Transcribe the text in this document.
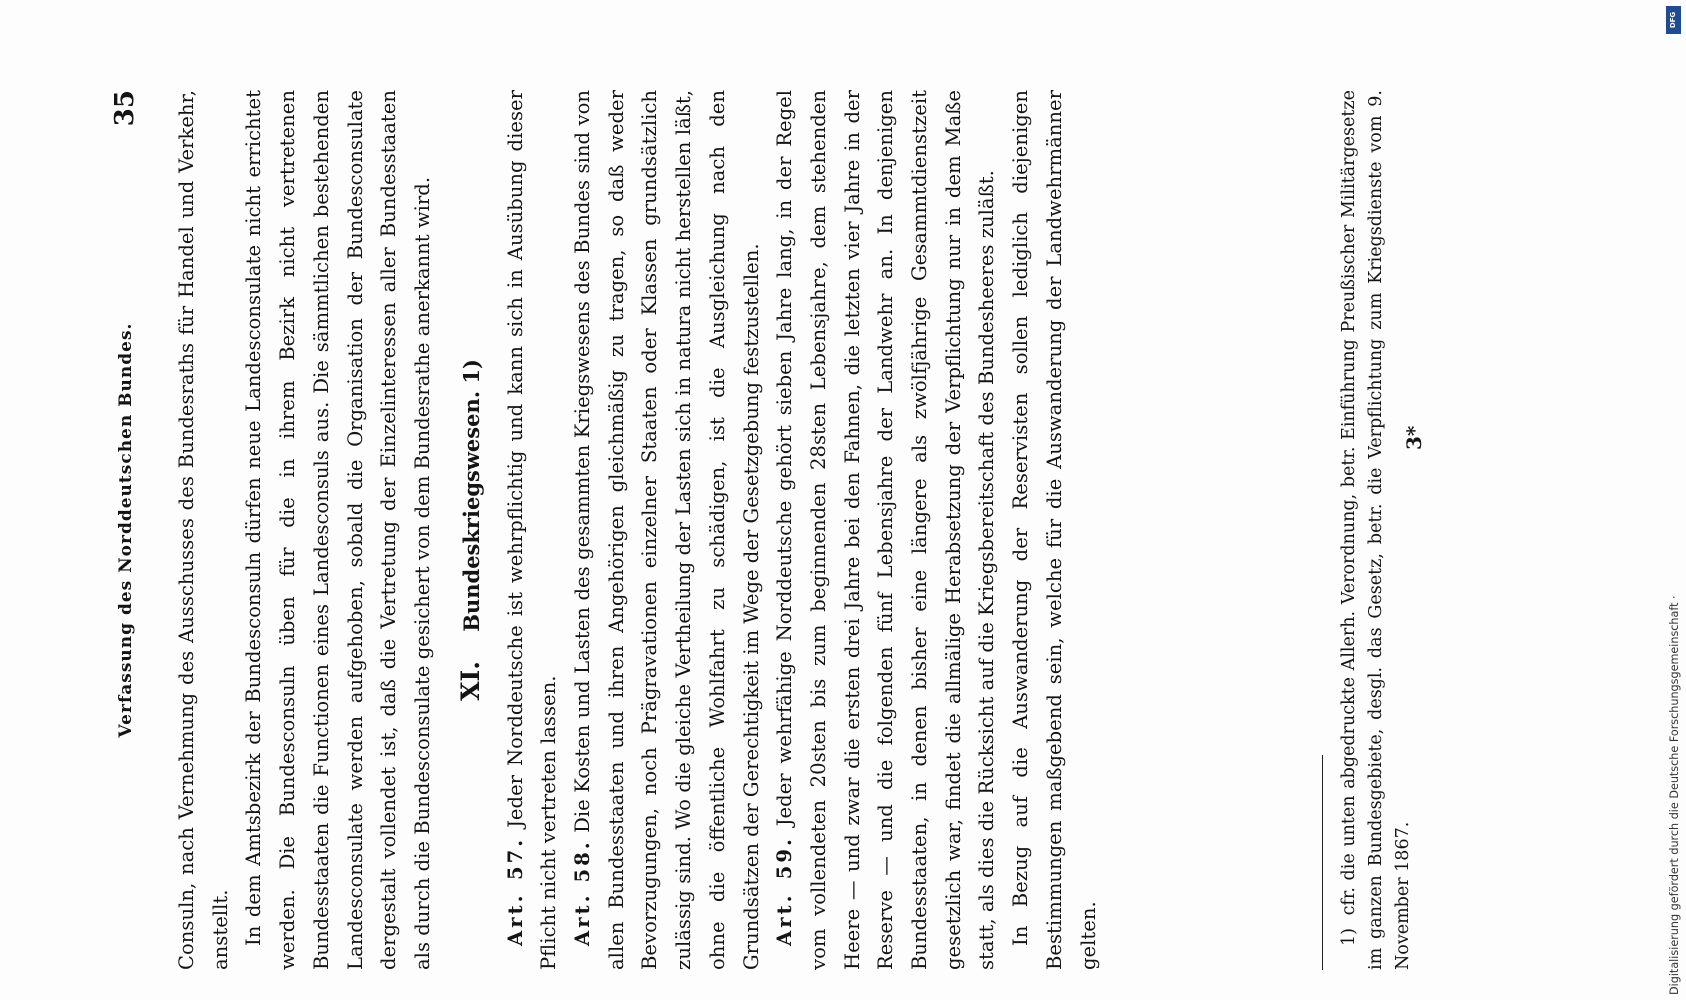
Verfassung des Norddeutschen Bundes.
35 Consuln, nach Vernehmung des Ausschusses des Bundesraths für Handel und Verkehr, anstellt. In dem Amtsbezirk der Bundesconsuln dürfen neue Landesconsulate nicht errichtet werden. Die Bundesconsuln üben für die in ihrem Bezirk nicht vertretenen Bundesstaaten die Functionen eines Landesconsuls aus. Die sämmtlichen bestehenden Landesconsulate werden aufgehoben, sobald die Organisation der Bundesconsulate dergestalt vollendet ist, daß die Vertretung der Einzelinteressen aller Bundesstaaten als durch die Bundesconsulate gesichert von dem Bundesrathe anerkannt wird. XI. Bundeskriegswesen. 1)

Art. 57. Jeder Norddeutsche ist wehrpflichtig und kann sich in Ausübung dieser Pflicht nicht vertreten lassen. Art. 58. Die Kosten und Lasten des gesammten Kriegswesens des Bundes sind von allen Bundesstaaten und ihren Angehörigen gleichmäßig zu tragen, so daß weder Bevorzugungen, noch Prägravationen einzelner Staaten oder Klassen grundsätzlich zulässig sind. Wo die gleiche Vertheilung der Lasten sich in natura nicht herstellen läßt, ohne die öffentliche Wohlfahrt zu schädigen, ist die Ausgleichung nach den Grundsätzen der Gerechtigkeit im Wege der Gesetzgebung festzustellen. Art. 59. Jeder wehrfähige Norddeutsche gehört sieben Jahre lang, in der Regel vom vollendeten 20sten bis zum beginnenden 28sten Lebensjahre, dem stehenden Heere — und zwar die ersten drei Jahre bei den Fahnen, die letzten vier Jahre in der Reserve — und die folgenden fünf Lebensjahre der Landwehr an. In denjenigen Bundesstaaten, in denen bisher eine längere als zwölfjährige Gesammtdienstzeit gesetzlich war, findet die allmälige Herabsetzung der Verpflichtung nur in dem Maße statt, als dies die Rücksicht auf die Kriegsbereitschaft des Bundesheeres zuläßt. In Bezug auf die Auswanderung der Reservisten sollen lediglich diejenigen Bestimmungen maßgebend sein, welche für die Auswanderung der Landwehrmänner gelten.	1) cfr. die unten abgedruckte Allerh. Verordnung, betr. Einführung Preußischer Militärgesetze im ganzen Bundesgebiete, desgl. das Gesetz, betr. die Verpflichtung zum Kriegsdienste vom 9. November 1867.
3*
Digitalisierung gefördert durch die Deutsche Forschungsgemeinschaft ·
DFG
